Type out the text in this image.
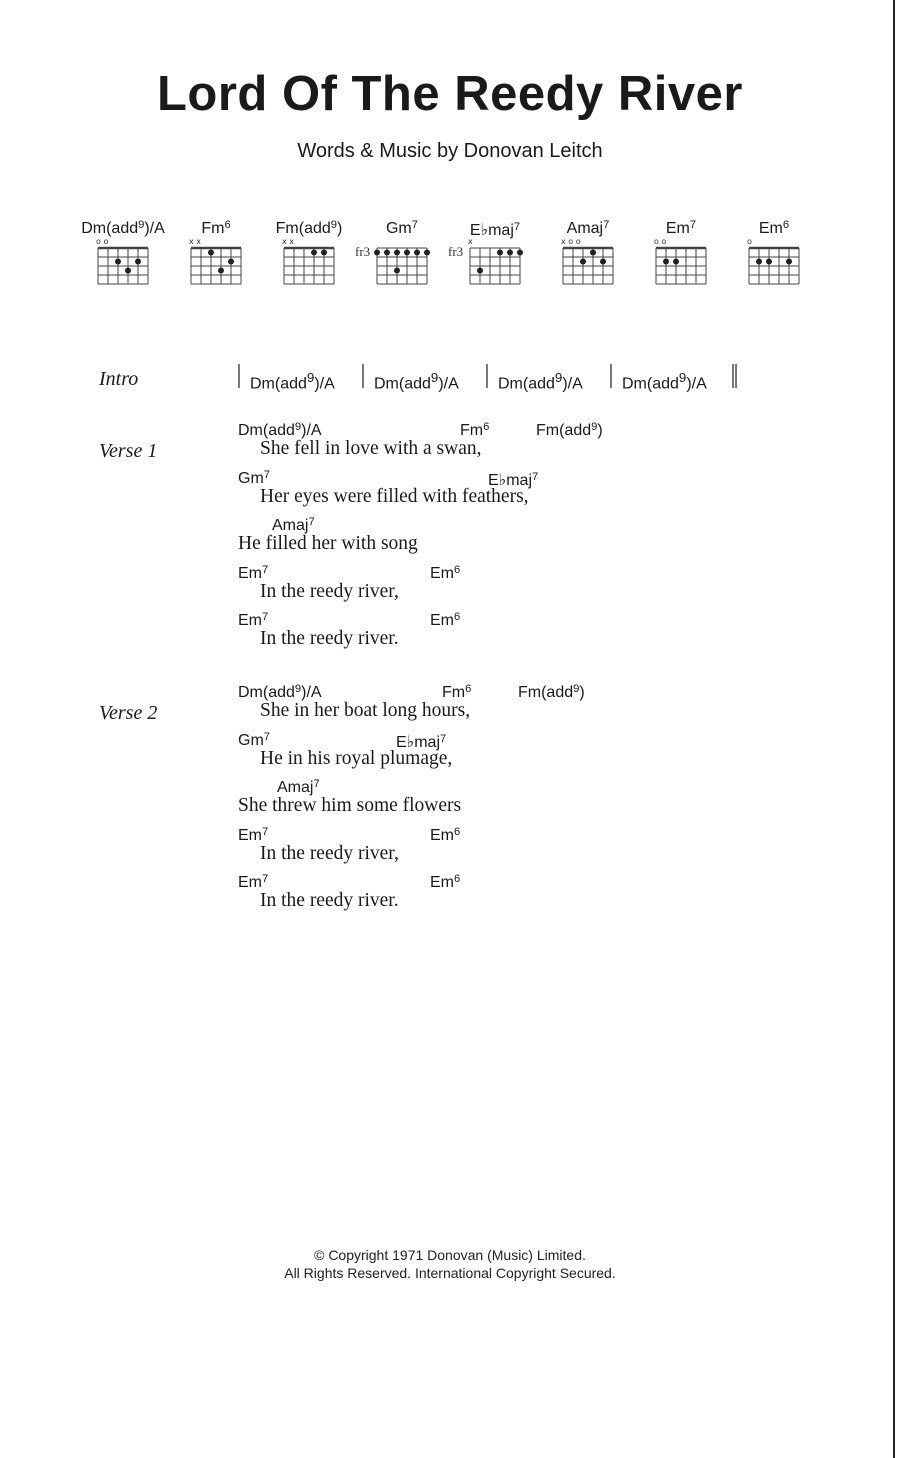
Lord Of The Reedy River
Words & Music by Donovan Leitch
Dm(add$^9$)/A
o o
Fm$^6$
x x
Fm(add$^9$)
x x
Gm$^7$
fr3
E♭maj$^7$
x
fr3
Amaj$^7$
x o o
Em$^7$
o o
Em$^6$
o
Intro	Dm(add$^9$)/A Dm(add$^9$)/A Dm(add$^9$)/A Dm(add$^9$)/A
Verse 1
Dm(add$^9$)/A	Fm$^6$	Fm(add$^9$)
She fell in love with a swan,
Gm$^7$	E♭maj$^7$
Her eyes were filled with feathers,
Amaj$^7$
He filled her with song
Em$^7$	Em$^6$
In the reedy river,
Em$^7$	Em$^6$
In the reedy river.
Verse 2
Dm(add$^9$)/A	Fm$^6$	Fm(add$^9$)
She in her boat long hours,
Gm$^7$	E♭maj$^7$
He in his royal plumage,
Amaj$^7$
She threw him some flowers
Em$^7$	Em$^6$
In the reedy river,
Em$^7$	Em$^6$
In the reedy river.
© Copyright 1971 Donovan (Music) Limited.
All Rights Reserved. International Copyright Secured.
